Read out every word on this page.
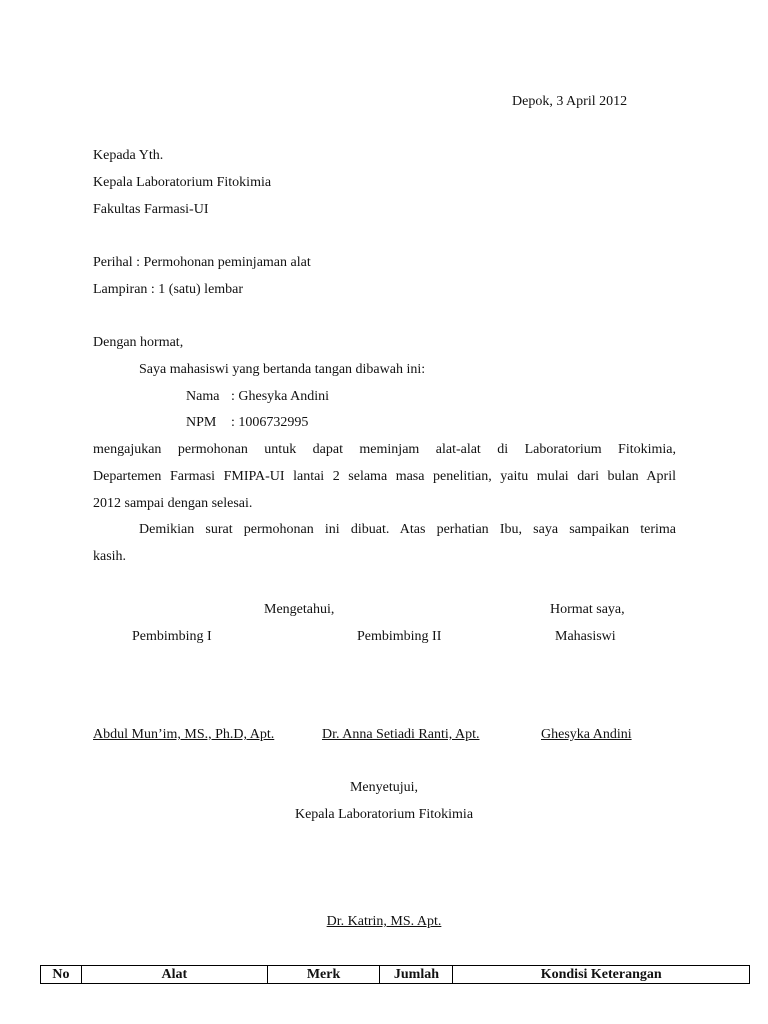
Depok, 3 April 2012
Kepada Yth.
Kepala Laboratorium Fitokimia
Fakultas Farmasi-UI
Perihal : Permohonan peminjaman alat
Lampiran : 1 (satu) lembar
Dengan hormat,
Saya mahasiswi yang bertanda tangan dibawah ini:
Nama : Ghesyka Andini
NPM : 1006732995
mengajukan permohonan untuk dapat meminjam alat-alat di Laboratorium Fitokimia,
Departemen Farmasi FMIPA-UI lantai 2 selama masa penelitian, yaitu mulai dari bulan April
2012 sampai dengan selesai.
Demikian surat permohonan ini dibuat. Atas perhatian Ibu, saya sampaikan terima
kasih.
Mengetahui,	Hormat saya,
Pembimbing I	Pembimbing II	Mahasiswi
Abdul Mun’im, MS., Ph.D, Apt.	Dr. Anna Setiadi Ranti, Apt.	Ghesyka Andini
Menyetujui,
Kepala Laboratorium Fitokimia
Dr. Katrin, MS. Apt.
No	Alat	Merk	Jumlah	Kondisi Keterangan
